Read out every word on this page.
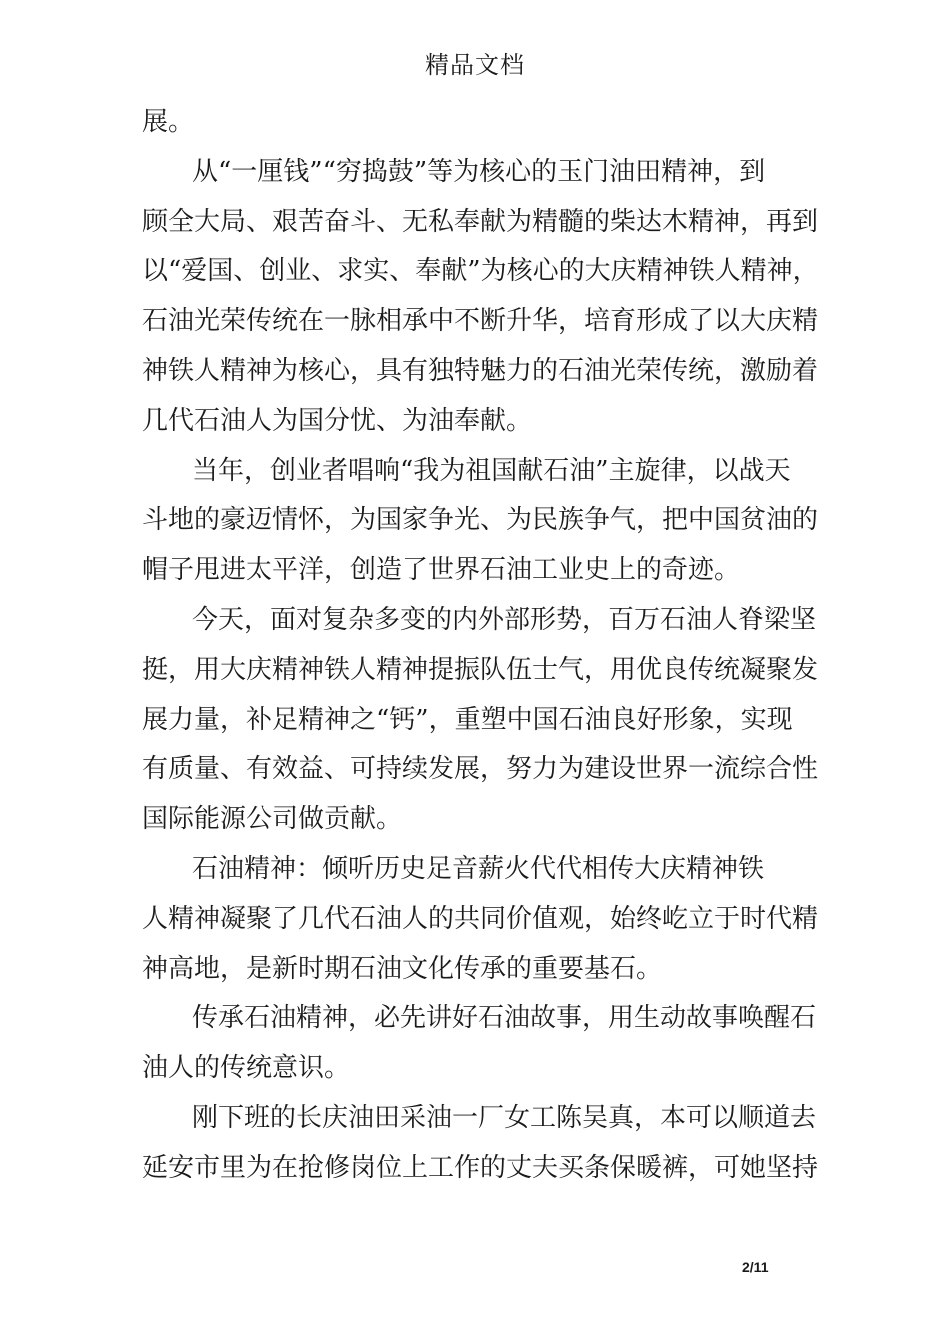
精品文档
展。
从“一厘钱”“穷捣鼓”等为核心的玉门油田精神，到
顾全大局、艰苦奋斗、无私奉献为精髓的柴达木精神，再到
以“爱国、创业、求实、奉献”为核心的大庆精神铁人精神，
石油光荣传统在一脉相承中不断升华，培育形成了以大庆精
神铁人精神为核心，具有独特魅力的石油光荣传统，激励着
几代石油人为国分忧、为油奉献。
当年，创业者唱响“我为祖国献石油”主旋律，以战天
斗地的豪迈情怀，为国家争光、为民族争气，把中国贫油的
帽子甩进太平洋，创造了世界石油工业史上的奇迹。
今天，面对复杂多变的内外部形势，百万石油人脊梁坚
挺，用大庆精神铁人精神提振队伍士气，用优良传统凝聚发
展力量，补足精神之“钙”，重塑中国石油良好形象，实现
有质量、有效益、可持续发展，努力为建设世界一流综合性
国际能源公司做贡献。
石油精神：倾听历史足音薪火代代相传大庆精神铁
人精神凝聚了几代石油人的共同价值观，始终屹立于时代精
神高地，是新时期石油文化传承的重要基石。
传承石油精神，必先讲好石油故事，用生动故事唤醒石
油人的传统意识。
刚下班的长庆油田采油一厂女工陈吴真，本可以顺道去
延安市里为在抢修岗位上工作的丈夫买条保暖裤，可她坚持
2/11
